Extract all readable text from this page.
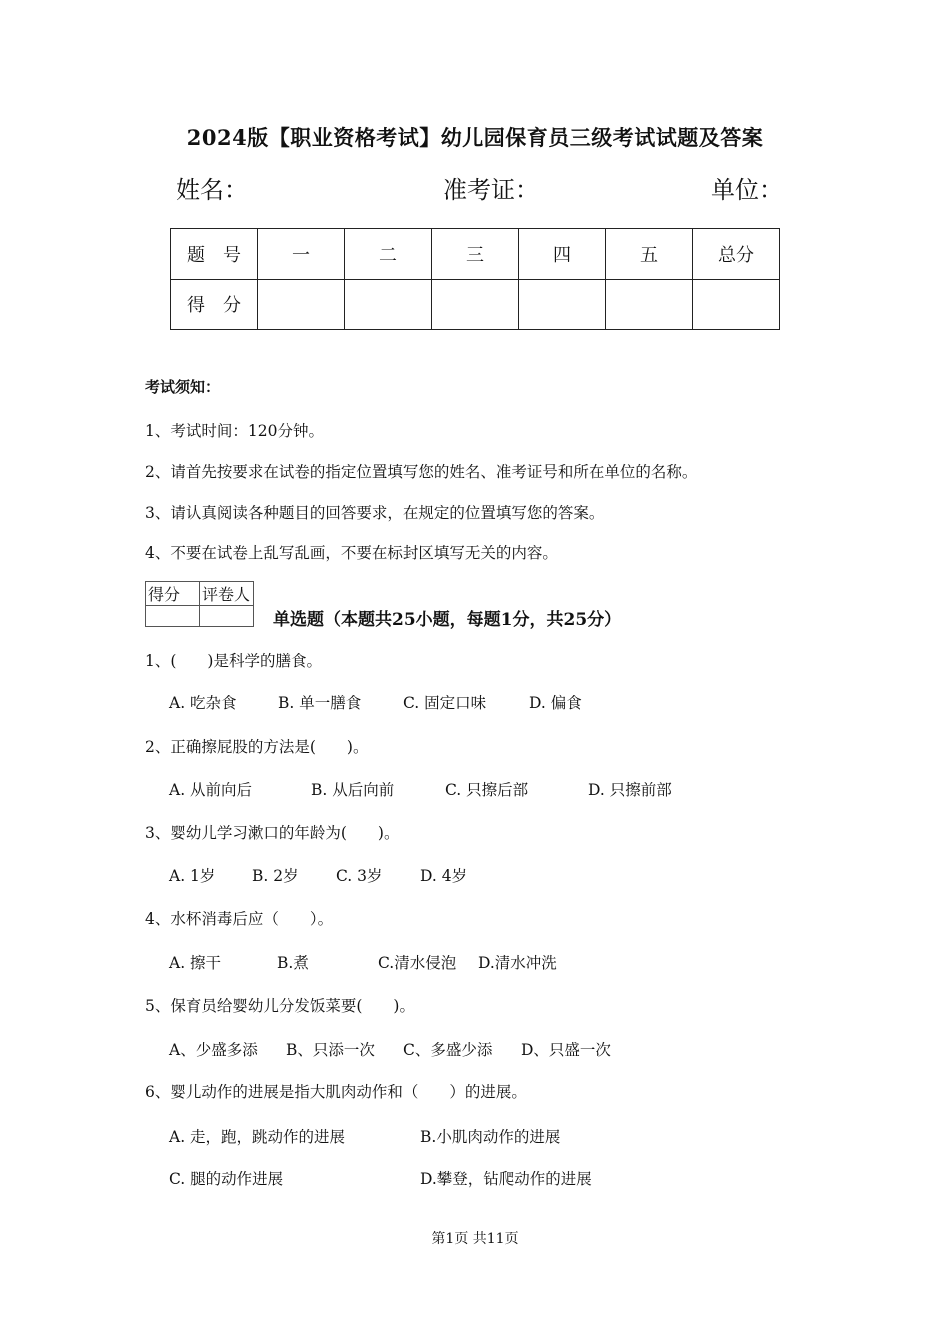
2024版【职业资格考试】幼儿园保育员三级考试试题及答案
姓名：	准考证：	单位：
题　号	一	二	三	四	五	总分
得　分						
考试须知：
1、考试时间：120分钟。
2、请首先按要求在试卷的指定位置填写您的姓名、准考证号和所在单位的名称。
3、请认真阅读各种题目的回答要求，在规定的位置填写您的答案。
4、不要在试卷上乱写乱画，不要在标封区填写无关的内容。
得分	评卷人

单选题（本题共25小题，每题1分，共25分）
1、(　　)是科学的膳食。
A. 吃杂食	B. 单一膳食	C. 固定口味	D. 偏食
2、正确擦屁股的方法是(　　)。
A. 从前向后	B. 从后向前	C. 只擦后部	D. 只擦前部
3、婴幼儿学习漱口的年龄为(　　)。
A. 1岁 B. 2岁 C. 3岁 D. 4岁
4、水杯消毒后应（　　）。
A. 擦干	B.煮	C.清水侵泡 D.清水冲洗
5、保育员给婴幼儿分发饭菜要(　　)。
A、少盛多添 B、只添一次 C、多盛少添 D、只盛一次
6、婴儿动作的进展是指大肌肉动作和（　　）的进展。
A. 走，跑，跳动作的进展	B.小肌肉动作的进展
C. 腿的动作进展	D.攀登，钻爬动作的进展
第1页 共11页
